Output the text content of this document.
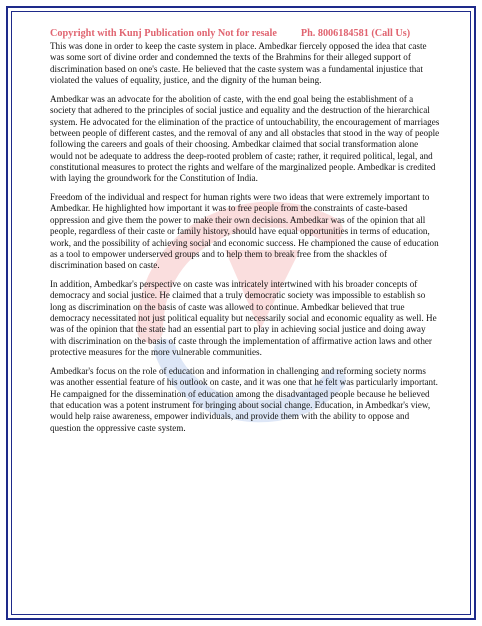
Copyright with Kunj Publication only Not for resale Ph. 8006184581 (Call Us)

This was done in order to keep the caste system in place. Ambedkar fiercely opposed the idea that caste was some sort of divine order and condemned the texts of the Brahmins for their alleged support of discrimination based on one's caste. He believed that the caste system was a fundamental injustice that violated the values of equality, justice, and the dignity of the human being.

Ambedkar was an advocate for the abolition of caste, with the end goal being the establishment of a society that adhered to the principles of social justice and equality and the destruction of the hierarchical system. He advocated for the elimination of the practice of untouchability, the encouragement of marriages between people of different castes, and the removal of any and all obstacles that stood in the way of people following the careers and goals of their choosing. Ambedkar claimed that social transformation alone would not be adequate to address the deep-rooted problem of caste; rather, it required political, legal, and constitutional measures to protect the rights and welfare of the marginalized people. Ambedkar is credited with laying the groundwork for the Constitution of India.

Freedom of the individual and respect for human rights were two ideas that were extremely important to Ambedkar. He highlighted how important it was to free people from the constraints of caste-based oppression and give them the power to make their own decisions. Ambedkar was of the opinion that all people, regardless of their caste or family history, should have equal opportunities in terms of education, work, and the possibility of achieving social and economic success. He championed the cause of education as a tool to empower underserved groups and to help them to break free from the shackles of discrimination based on caste.

In addition, Ambedkar's perspective on caste was intricately intertwined with his broader concepts of democracy and social justice. He claimed that a truly democratic society was impossible to establish so long as discrimination on the basis of caste was allowed to continue. Ambedkar believed that true democracy necessitated not just political equality but necessarily social and economic equality as well. He was of the opinion that the state had an essential part to play in achieving social justice and doing away with discrimination on the basis of caste through the implementation of affirmative action laws and other protective measures for the more vulnerable communities.

Ambedkar's focus on the role of education and information in challenging and reforming society norms was another essential feature of his outlook on caste, and it was one that he felt was particularly important. He campaigned for the dissemination of education among the disadvantaged people because he believed that education was a potent instrument for bringing about social change. Education, in Ambedkar's view, would help raise awareness, empower individuals, and provide them with the ability to oppose and question the oppressive caste system.
